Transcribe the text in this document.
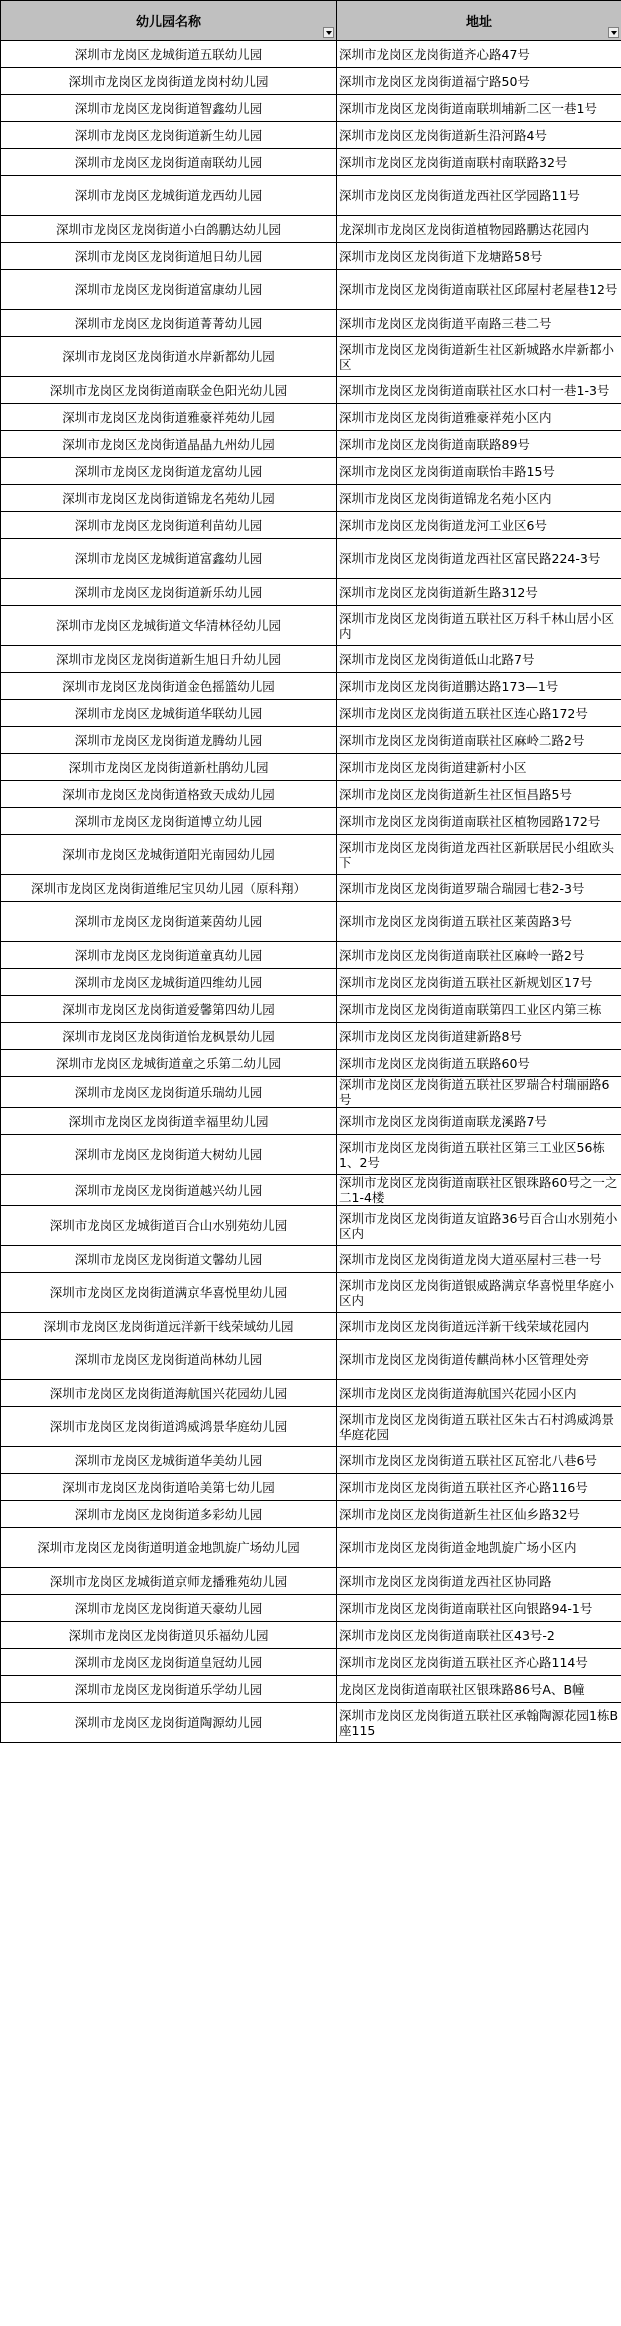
幼儿园名称	地址

深圳市龙岗区龙城街道五联幼儿园	深圳市龙岗区龙岗街道齐心路47号
深圳市龙岗区龙岗街道龙岗村幼儿园	深圳市龙岗区龙岗街道福宁路50号
深圳市龙岗区龙岗街道智鑫幼儿园	深圳市龙岗区龙岗街道南联圳埔新二区一巷1号
深圳市龙岗区龙岗街道新生幼儿园	深圳市龙岗区龙岗街道新生沿河路4号
深圳市龙岗区龙岗街道南联幼儿园	深圳市龙岗区龙岗街道南联村南联路32号
深圳市龙岗区龙城街道龙西幼儿园	深圳市龙岗区龙岗街道龙西社区学园路11号
深圳市龙岗区龙岗街道小白鸽鹏达幼儿园	龙深圳市龙岗区龙岗街道植物园路鹏达花园内
深圳市龙岗区龙岗街道旭日幼儿园	深圳市龙岗区龙岗街道下龙塘路58号
深圳市龙岗区龙岗街道富康幼儿园	深圳市龙岗区龙岗街道南联社区邱屋村老屋巷12号
深圳市龙岗区龙岗街道菁菁幼儿园	深圳市龙岗区龙岗街道平南路三巷二号
深圳市龙岗区龙岗街道水岸新都幼儿园	深圳市龙岗区龙岗街道新生社区新城路水岸新都小区
深圳市龙岗区龙岗街道南联金色阳光幼儿园	深圳市龙岗区龙岗街道南联社区水口村一巷1-3号
深圳市龙岗区龙岗街道雅豪祥苑幼儿园	深圳市龙岗区龙岗街道雅豪祥苑小区内
深圳市龙岗区龙岗街道晶晶九州幼儿园	深圳市龙岗区龙岗街道南联路89号
深圳市龙岗区龙岗街道龙富幼儿园	深圳市龙岗区龙岗街道南联怡丰路15号
深圳市龙岗区龙岗街道锦龙名苑幼儿园	深圳市龙岗区龙岗街道锦龙名苑小区内
深圳市龙岗区龙岗街道利苗幼儿园	深圳市龙岗区龙岗街道龙河工业区6号
深圳市龙岗区龙城街道富鑫幼儿园	深圳市龙岗区龙岗街道龙西社区富民路224-3号
深圳市龙岗区龙岗街道新乐幼儿园	深圳市龙岗区龙岗街道新生路312号
深圳市龙岗区龙城街道文华清林径幼儿园	深圳市龙岗区龙岗街道五联社区万科千林山居小区内
深圳市龙岗区龙岗街道新生旭日升幼儿园	深圳市龙岗区龙岗街道低山北路7号
深圳市龙岗区龙岗街道金色摇篮幼儿园	深圳市龙岗区龙岗街道鹏达路173—1号
深圳市龙岗区龙城街道华联幼儿园	深圳市龙岗区龙岗街道五联社区连心路172号
深圳市龙岗区龙岗街道龙腾幼儿园	深圳市龙岗区龙岗街道南联社区麻岭二路2号
深圳市龙岗区龙岗街道新杜鹃幼儿园	深圳市龙岗区龙岗街道建新村小区
深圳市龙岗区龙岗街道格致天成幼儿园	深圳市龙岗区龙岗街道新生社区恒昌路5号
深圳市龙岗区龙岗街道博立幼儿园	深圳市龙岗区龙岗街道南联社区植物园路172号
深圳市龙岗区龙城街道阳光南园幼儿园	深圳市龙岗区龙岗街道龙西社区新联居民小组欧头下
深圳市龙岗区龙岗街道维尼宝贝幼儿园（原科翔）	深圳市龙岗区龙岗街道罗瑞合瑞园七巷2-3号
深圳市龙岗区龙岗街道莱茵幼儿园	深圳市龙岗区龙岗街道五联社区莱茵路3号
深圳市龙岗区龙岗街道童真幼儿园	深圳市龙岗区龙岗街道南联社区麻岭一路2号
深圳市龙岗区龙城街道四维幼儿园	深圳市龙岗区龙岗街道五联社区新规划区17号
深圳市龙岗区龙岗街道爱馨第四幼儿园	深圳市龙岗区龙岗街道南联第四工业区内第三栋
深圳市龙岗区龙岗街道怡龙枫景幼儿园	深圳市龙岗区龙岗街道建新路8号
深圳市龙岗区龙城街道童之乐第二幼儿园	深圳市龙岗区龙岗街道五联路60号
深圳市龙岗区龙岗街道乐瑞幼儿园	深圳市龙岗区龙岗街道五联社区罗瑞合村瑞丽路6号
深圳市龙岗区龙岗街道幸福里幼儿园	深圳市龙岗区龙岗街道南联龙溪路7号
深圳市龙岗区龙岗街道大树幼儿园	深圳市龙岗区龙岗街道五联社区第三工业区56栋1、2号
深圳市龙岗区龙岗街道越兴幼儿园	深圳市龙岗区龙岗街道南联社区银珠路60号之一之二1-4楼
深圳市龙岗区龙城街道百合山水别苑幼儿园	深圳市龙岗区龙岗街道友谊路36号百合山水别苑小区内
深圳市龙岗区龙岗街道文馨幼儿园	深圳市龙岗区龙岗街道龙岗大道巫屋村三巷一号
深圳市龙岗区龙岗街道满京华喜悦里幼儿园	深圳市龙岗区龙岗街道银威路满京华喜悦里华庭小区内
深圳市龙岗区龙岗街道远洋新干线荣域幼儿园	深圳市龙岗区龙岗街道远洋新干线荣域花园内
深圳市龙岗区龙岗街道尚林幼儿园	深圳市龙岗区龙岗街道传麒尚林小区管理处旁
深圳市龙岗区龙岗街道海航国兴花园幼儿园	深圳市龙岗区龙岗街道海航国兴花园小区内
深圳市龙岗区龙岗街道鸿威鸿景华庭幼儿园	深圳市龙岗区龙岗街道五联社区朱古石村鸿威鸿景华庭花园
深圳市龙岗区龙城街道华美幼儿园	深圳市龙岗区龙岗街道五联社区瓦窑北八巷6号
深圳市龙岗区龙岗街道哈美第七幼儿园	深圳市龙岗区龙岗街道五联社区齐心路116号
深圳市龙岗区龙岗街道多彩幼儿园	深圳市龙岗区龙岗街道新生社区仙乡路32号
深圳市龙岗区龙岗街道明道金地凯旋广场幼儿园	深圳市龙岗区龙岗街道金地凯旋广场小区内
深圳市龙岗区龙城街道京师龙播雅苑幼儿园	深圳市龙岗区龙岗街道龙西社区协同路
深圳市龙岗区龙岗街道天豪幼儿园	深圳市龙岗区龙岗街道南联社区向银路94-1号
深圳市龙岗区龙岗街道贝乐福幼儿园	深圳市龙岗区龙岗街道南联社区43号-2
深圳市龙岗区龙岗街道皇冠幼儿园	深圳市龙岗区龙岗街道五联社区齐心路114号
深圳市龙岗区龙岗街道乐学幼儿园	龙岗区龙岗街道南联社区银珠路86号A、B幢
深圳市龙岗区龙岗街道陶源幼儿园	深圳市龙岗区龙岗街道五联社区承翰陶源花园1栋B座115
